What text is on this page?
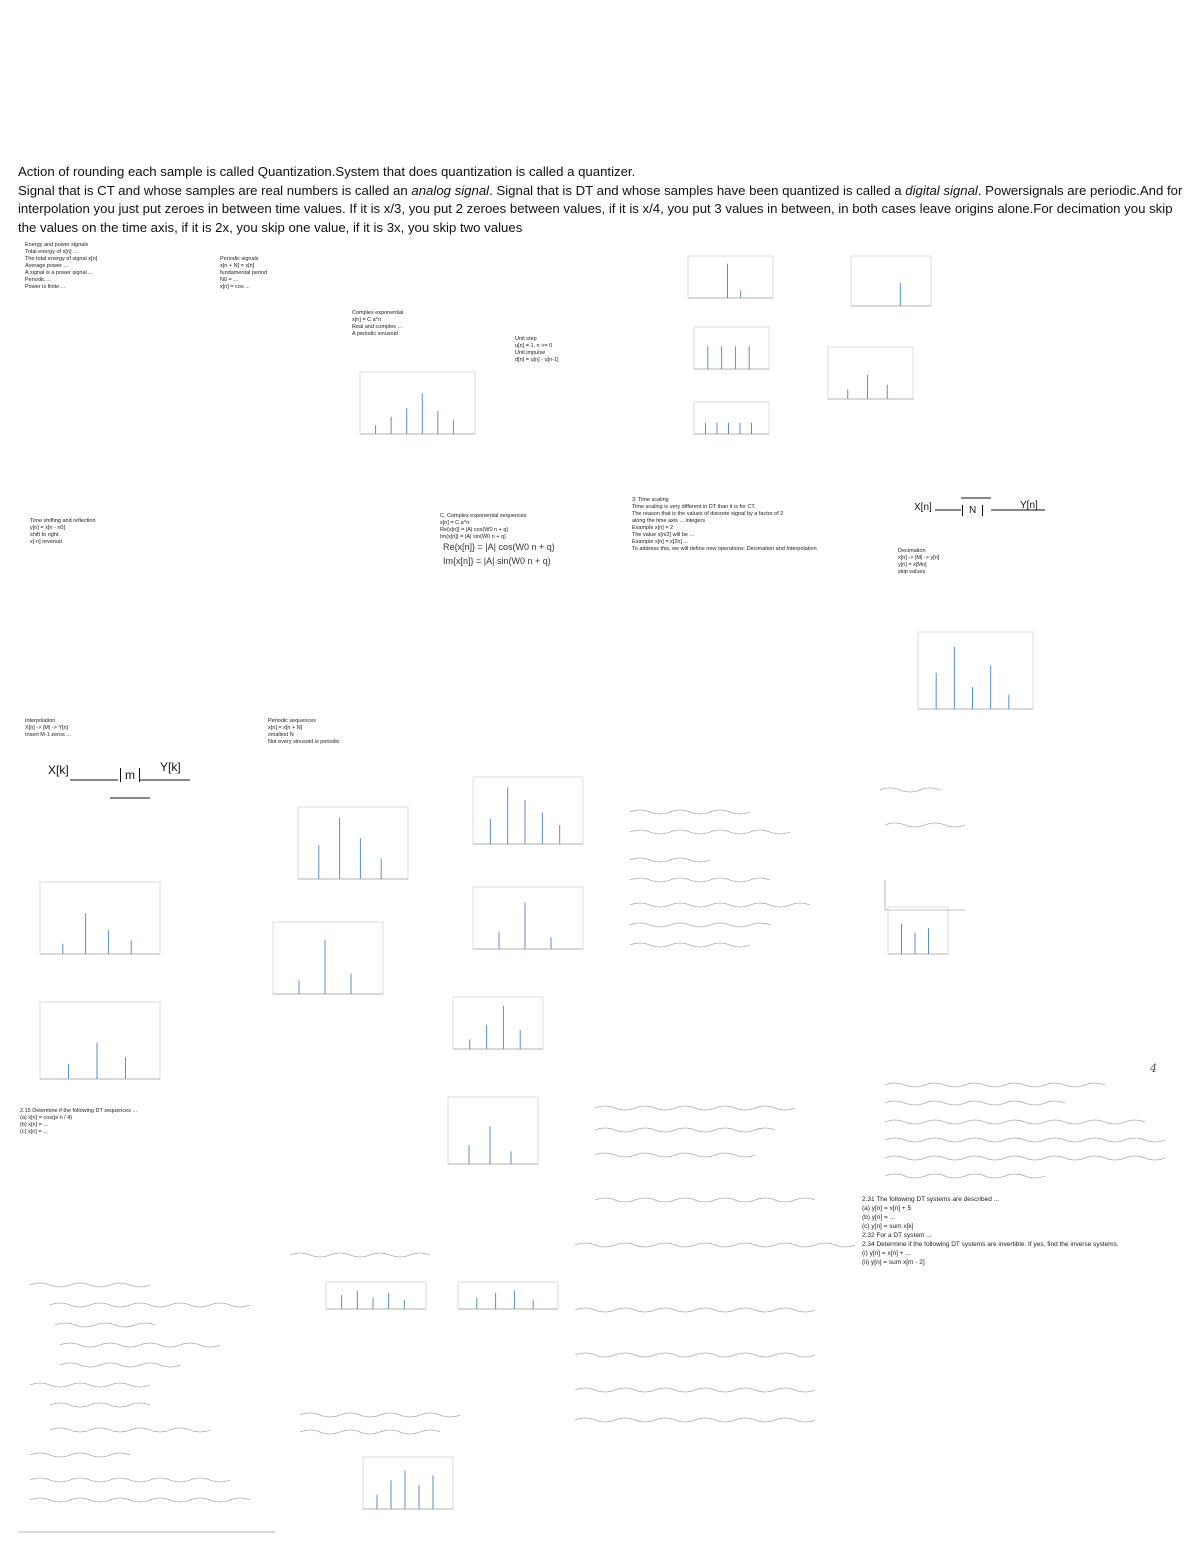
Action of rounding each sample is called Quantization.System that does quantization is called a quantizer.

Signal that is CT and whose samples are real numbers is called an analog signal. Signal that is DT and whose samples have been quantized is called a digital signal. Powersignals are periodic.And for interpolation you just put zeroes in between time values. If it is x/3, you put 2 zeroes between values, if it is x/4, you put 3 values in between, in both cases leave origins alone.For decimation you skip the values on the time axis, if it is 2x, you skip one value, if it is 3x, you skip two values

Energy and power signals
Total energy of x[n] ...
The total energy of signal x[n]
Average power ...
A signal is a power signal ...
Periodic ...
Power is finite ...
Periodic signals
x[n + N] = x[n]
fundamental period
N0 = ...
x[n] = cos ...
Complex exponential
x[n] = C a^n
Real and complex ...
A periodic sinusoid
Unit step
u[n] = 1, n >= 0
Unit impulse
d[n] = u[n] - u[n-1]
Time shifting and reflection
y[n] = x[n - n0]
shift to right
x[-n] reversal
C. Complex exponential sequences
x[n] = C a^n
Re{x[n]} = |A| cos(W0 n + q)
Im{x[n]} = |A| sin(W0 n + q)
3. Time scaling
Time scaling is very different in DT than it is for CT.
The reason that is the values of discrete signal by a factor of 2
along the time axis ... integers
Example x[n] = 2
The value x[n/2] will be ...
Example x[n] = x[2n] ...
To address this, we will define new operations: Decimation and Interpolation	Decimation
x[n] -> |M| -> y[n]
y[n] = x[Mn]
skip values
Interpolation
X[n] -> |M| -> Y[n]
Insert M-1 zeros ...
Periodic sequences
x[n] = x[n + N]
smallest N
Not every sinusoid is periodic
2.15 Determine if the following DT sequences ...
(a) x[n] = cos(pi n / 4)
(b) x[n] = ...
(c) x[n] = ...
2.31 The following DT systems are described ...
(a) y[n] = x[n] + 5
(b) y[n] = ...
(c) y[n] = sum x[k]
2.32 For a DT system ...
2.34 Determine if the following DT systems are invertible. If yes, find the inverse systems.
(i) y[n] = x[n] + ...
(ii) y[n] = sum x[m - 2]
Re{x[n]} = |A| cos(W0 n + q)
Im{x[n]} = |A| sin(W0 n + q)
X[k]	m
Y[k]
X[n]	N	Y[n]
4
